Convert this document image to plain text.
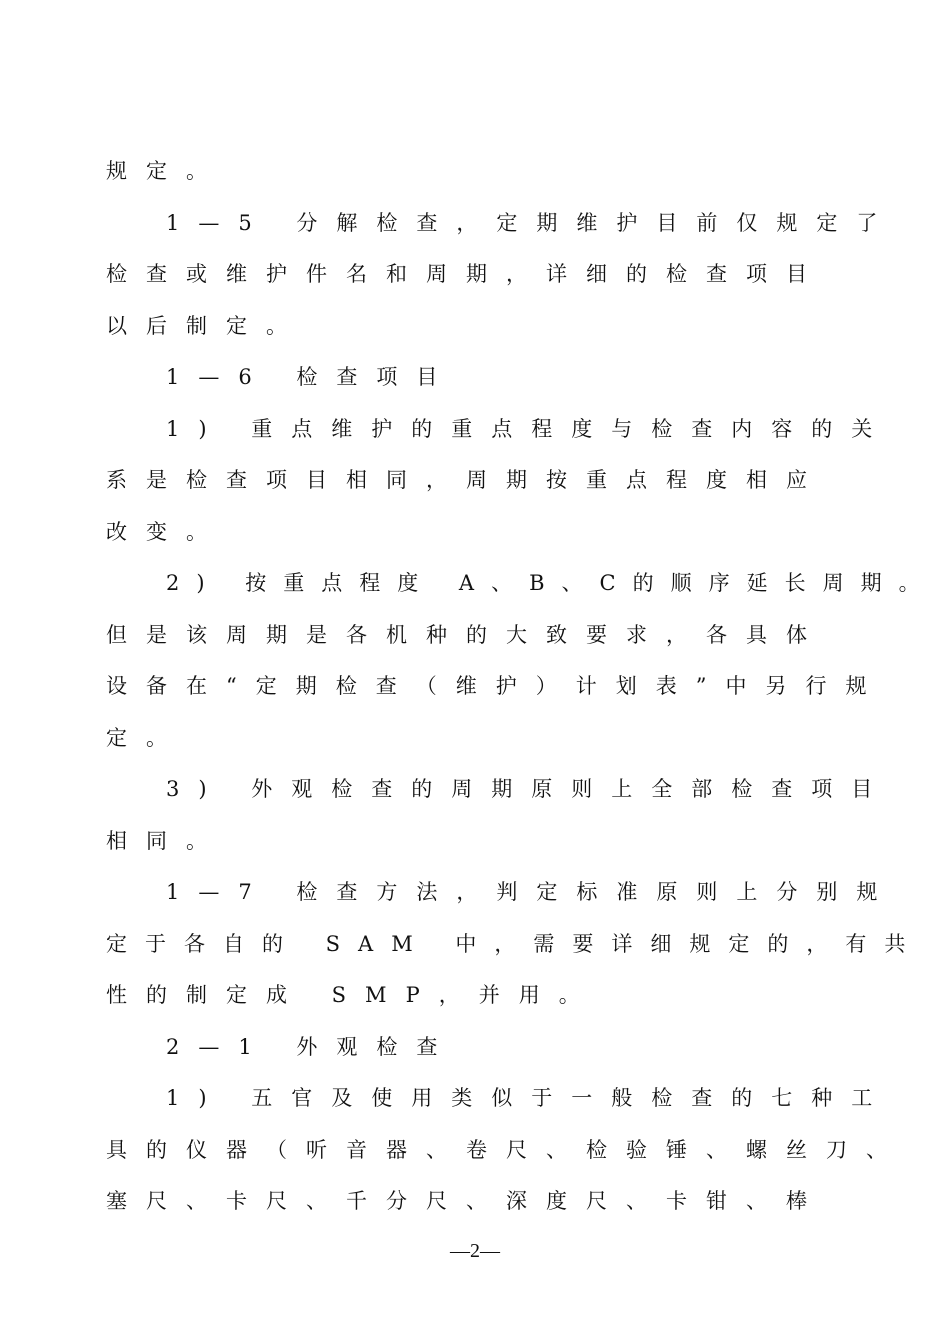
规定。
1—5 分解检查，定期维护目前仅规定了
检查或维护件名和周期，详细的检查项目
以后制定。
1—6 检查项目
1) 重点维护的重点程度与检查内容的关
系是检查项目相同，周期按重点程度相应
改变。
2) 按重点程度 A、B、C的顺序延长周期。
但是该周期是各机种的大致要求，各具体
设备在“定期检查（维护）计划表”中另行规
定。
3) 外观检查的周期原则上全部检查项目
相同。
1—7 检查方法，判定标准原则上分别规
定于各自的 SAM 中，需要详细规定的，有共
性的制定成 SMP，并用。
2—1 外观检查
1) 五官及使用类似于一般检查的七种工
具的仪器（听音器、卷尺、检验锤、螺丝刀、
塞尺、卡尺、千分尺、深度尺、卡钳、棒
—2—
